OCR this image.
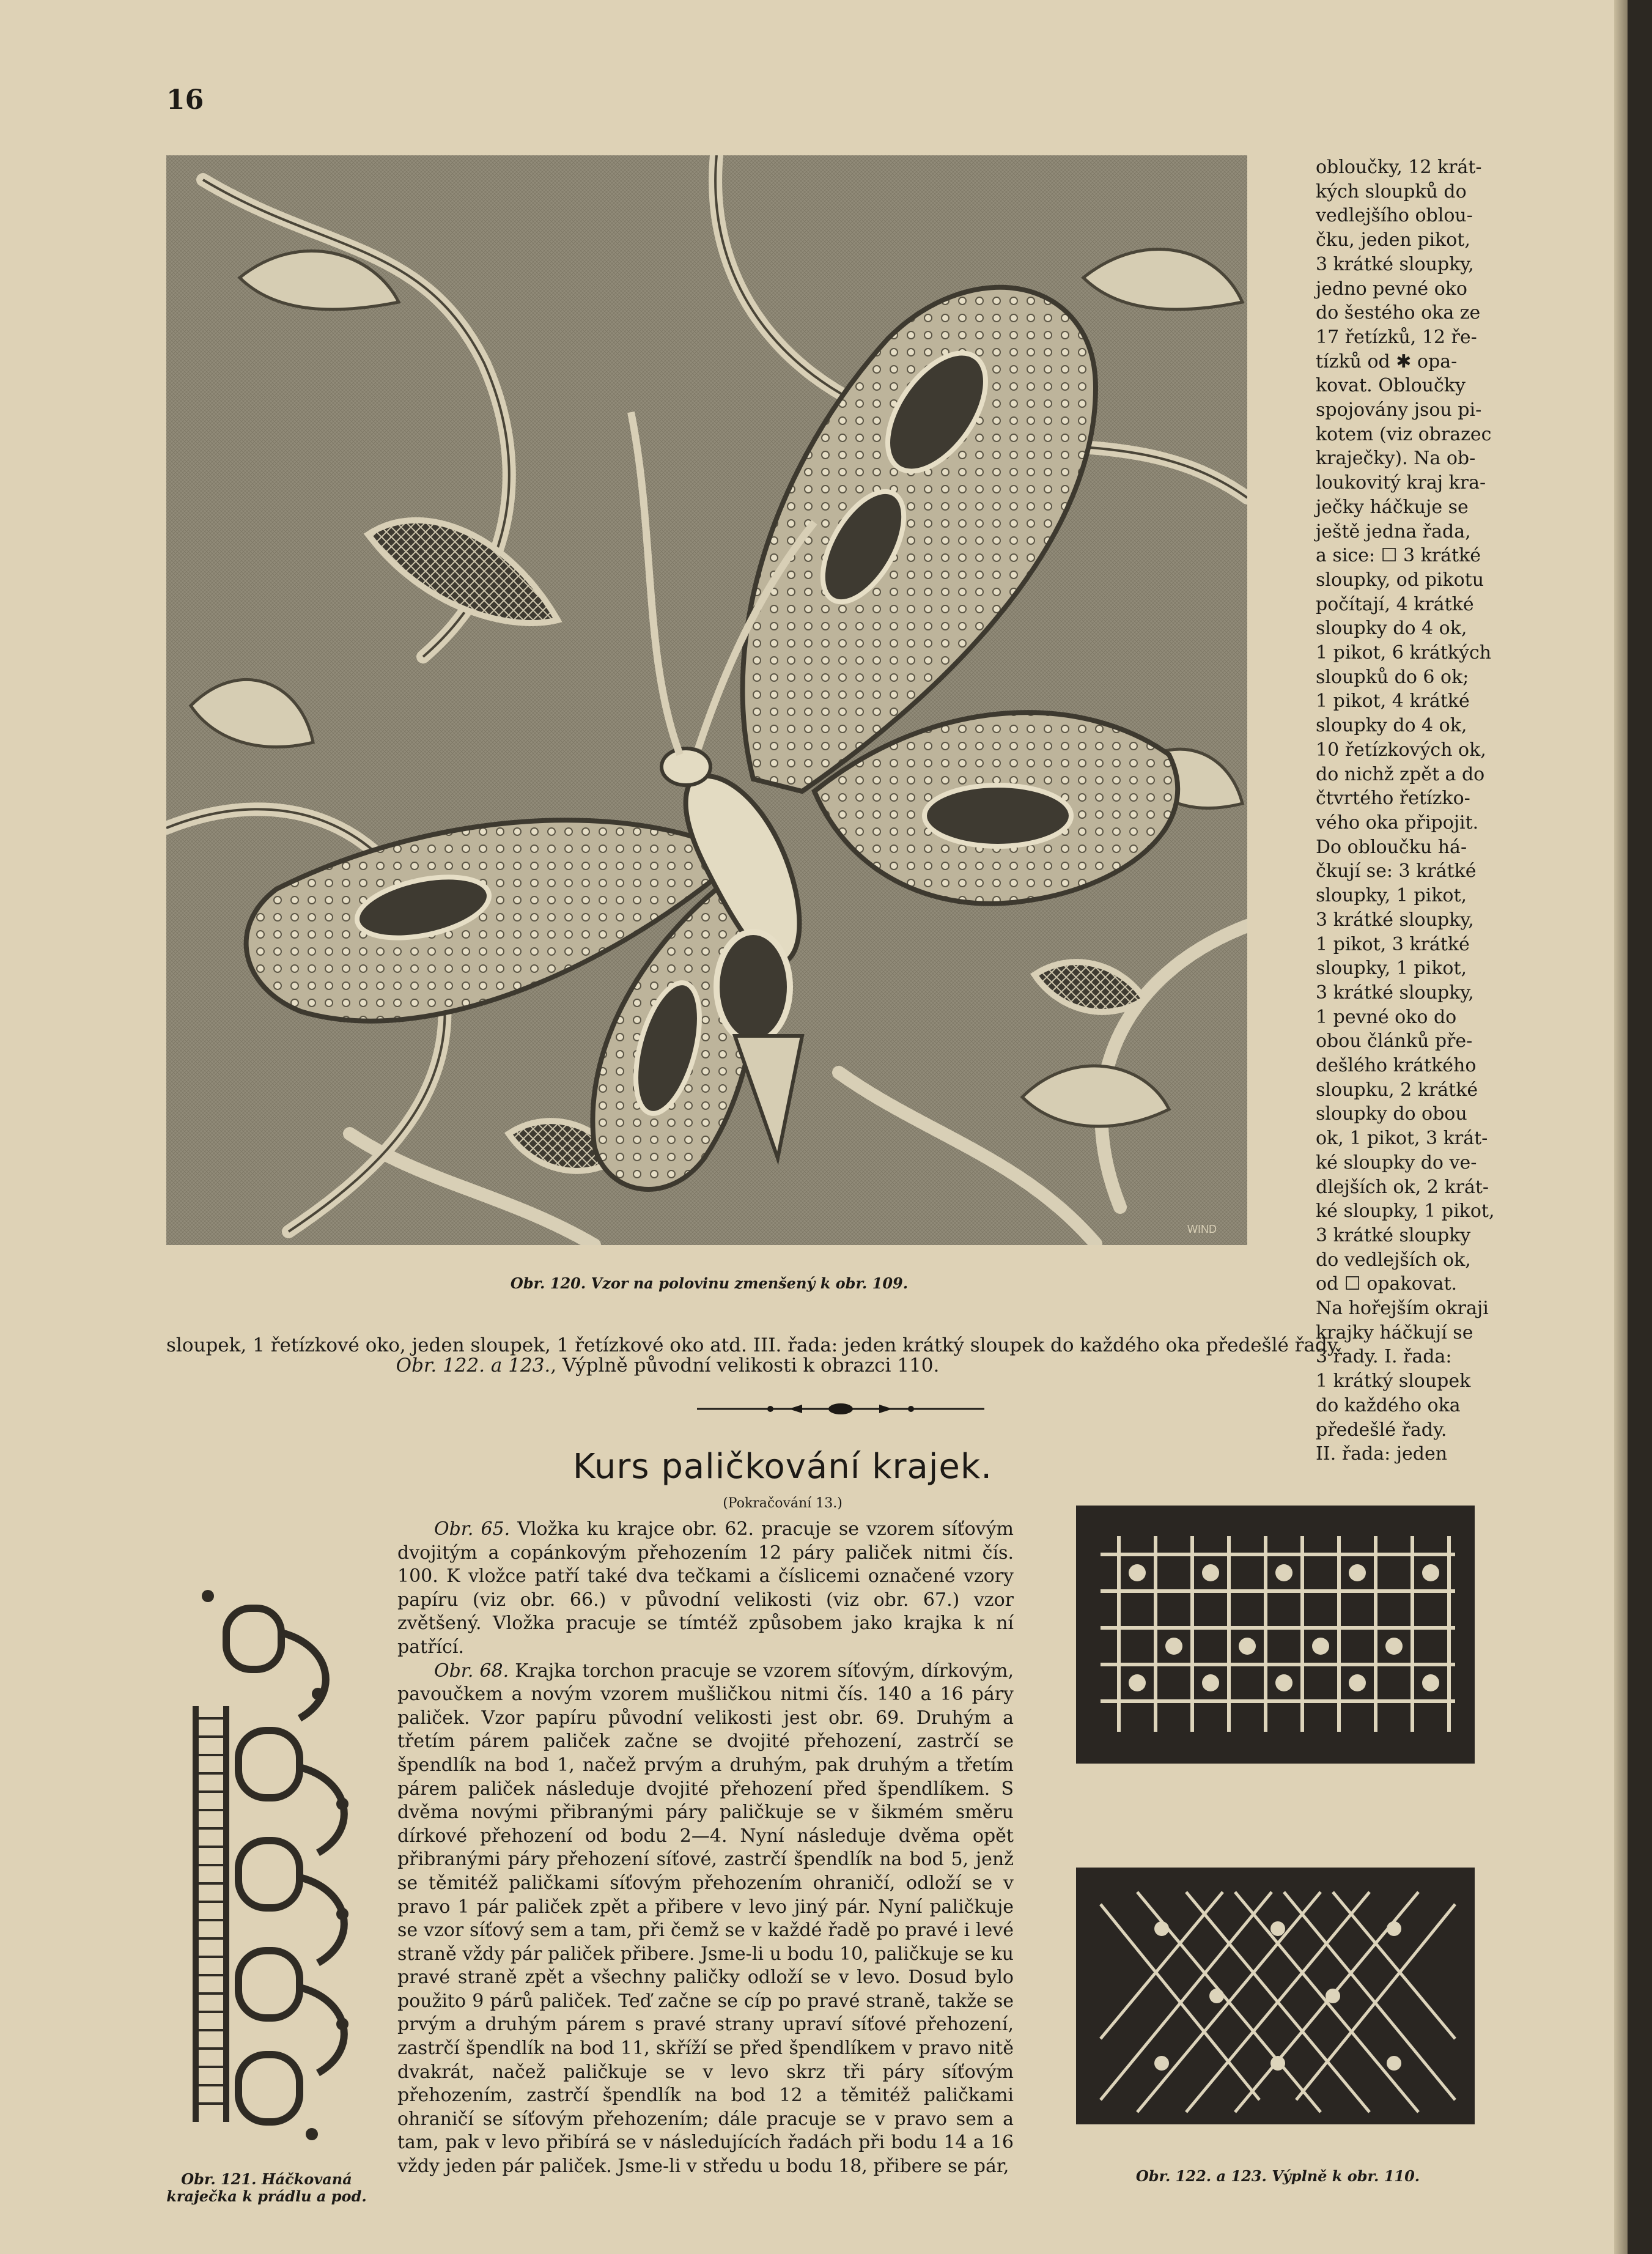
16
WIND
Obr. 120. Vzor na polovinu zmenšený k obr. 109.

obloučky, 12 krát-

kých sloupků do

vedlejšího oblou-

čku, jeden pikot,

3 krátké sloupky,

jedno pevné oko

do šestého oka ze

17 řetízků, 12 ře-

tízků od ✱ opa-

kovat. Obloučky

spojovány jsou pi-

kotem (viz obrazec

kraječky). Na ob-

loukovitý kraj kra-

ječky háčkuje se

ještě jedna řada,

a sice: ☐ 3 krátké

sloupky, od pikotu

počítají, 4 krátké

sloupky do 4 ok,

1 pikot, 6 krátkých

sloupků do 6 ok;

1 pikot, 4 krátké

sloupky do 4 ok,

10 řetízkových ok,

do nichž zpět a do

čtvrtého řetízko-

vého oka připojit.

Do obloučku há-

čkují se: 3 krátké

sloupky, 1 pikot,

3 krátké sloupky,

1 pikot, 3 krátké

sloupky, 1 pikot,

3 krátké sloupky,

1 pevné oko do

obou článků pře-

dešlého krátkého

sloupku, 2 krátké

sloupky do obou

ok, 1 pikot, 3 krát-

ké sloupky do ve-

dlejších ok, 2 krát-

ké sloupky, 1 pikot,

3 krátké sloupky

do vedlejších ok,

od ☐ opakovat.

Na hořejším okraji

krajky háčkují se

3 řady. I. řada:

1 krátký sloupek

do každého oka

předešlé řady.

II. řada: jeden

sloupek, 1 řetízkové oko, jeden sloupek, 1 řetízkové oko atd. III. řada: jeden krátký sloupek do každého oka předešlé řady.
Obr. 122. a 123., Výplně původní velikosti k obrazci 110.
Kurs paličkování krajek.
(Pokračování 13.)

Obr. 65. Vložka ku krajce obr. 62. pracuje se vzorem síťovým dvojitým a copánkovým přehozením 12 páry paliček nitmi čís. 100. K vložce patří také dva tečkami a číslicemi označené vzory papíru (viz obr. 66.) v původní velikosti (viz obr. 67.) vzor zvětšený. Vložka pracuje se tímtéž způsobem jako krajka k ní patřící.

Obr. 68. Krajka torchon pracuje se vzorem síťovým, dírkovým, pavoučkem a novým vzorem mušličkou nitmi čís. 140 a 16 páry paliček. Vzor papíru původní velikosti jest obr. 69. Druhým a třetím párem paliček začne se dvojité přehození, zastrčí se špendlík na bod 1, načež prvým a druhým, pak druhým a třetím párem paliček následuje dvojité přehození před špendlíkem. S dvěma novými přibranými páry paličkuje se v šikmém směru dírkové přehození od bodu 2—4. Nyní následuje dvěma opět přibranými páry přehození síťové, zastrčí špendlík na bod 5, jenž se těmitéž paličkami síťovým přehozením ohraničí, odloží se v pravo 1 pár paliček zpět a přibere v levo jiný pár. Nyní paličkuje se vzor síťový sem a tam, při čemž se v každé řadě po pravé i levé straně vždy pár paliček přibere. Jsme-li u bodu 10, paličkuje se ku pravé straně zpět a všechny paličky odloží se v levo. Dosud bylo použito 9 párů paliček. Teď začne se cíp po pravé straně, takže se prvým a druhým párem s pravé strany upraví síťové přehození, zastrčí špendlík na bod 11, skříží se před špendlíkem v pravo nitě dvakrát, načež paličkuje se v levo skrz tři páry síťovým přehozením, zastrčí špendlík na bod 12 a těmitéž paličkami ohraničí se síťovým přehozením; dále pracuje se v pravo sem a tam, pak v levo přibírá se v následujících řadách při bodu 14 a 16 vždy jeden pár paliček. Jsme-li v středu u bodu 18, přibere se pár,

Obr. 121. Háčkovaná
kraječka k prádlu a pod.
Obr. 122. a 123. Výplně k obr. 110.
